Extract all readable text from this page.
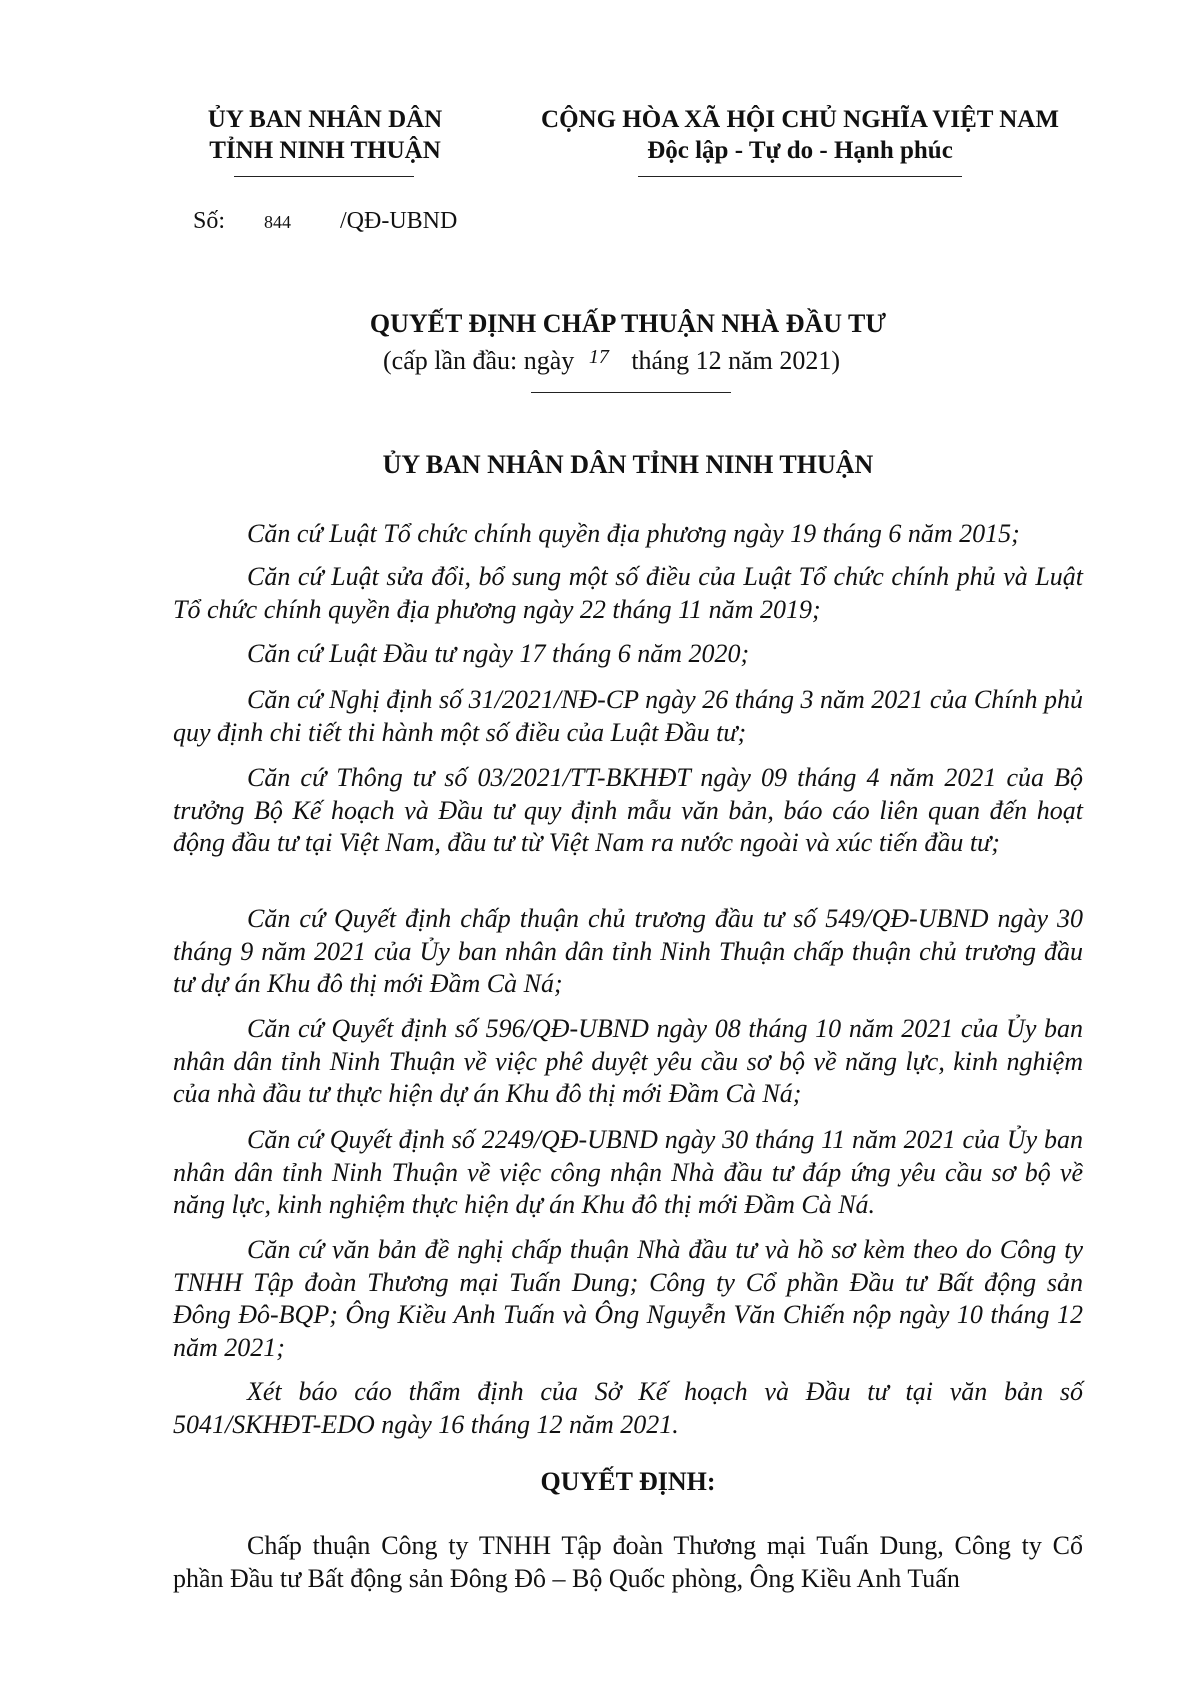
ỦY BAN NHÂN DÂN
TỈNH NINH THUẬN
CỘNG HÒA XÃ HỘI CHỦ NGHĨA VIỆT NAM
Độc lập - Tự do - Hạnh phúc
Số: 844 /QĐ-UBND
QUYẾT ĐỊNH CHẤP THUẬN NHÀ ĐẦU TƯ
(cấp lần đầu: ngày 17 tháng 12 năm 2021)
ỦY BAN NHÂN DÂN TỈNH NINH THUẬN
Căn cứ Luật Tổ chức chính quyền địa phương ngày 19 tháng 6 năm 2015;
Căn cứ Luật sửa đổi, bổ sung một số điều của Luật Tổ chức chính phủ và Luật Tổ chức chính quyền địa phương ngày 22 tháng 11 năm 2019;
Căn cứ Luật Đầu tư ngày 17 tháng 6 năm 2020;
Căn cứ Nghị định số 31/2021/NĐ-CP ngày 26 tháng 3 năm 2021 của Chính phủ quy định chi tiết thi hành một số điều của Luật Đầu tư;
Căn cứ Thông tư số 03/2021/TT-BKHĐT ngày 09 tháng 4 năm 2021 của Bộ trưởng Bộ Kế hoạch và Đầu tư quy định mẫu văn bản, báo cáo liên quan đến hoạt động đầu tư tại Việt Nam, đầu tư từ Việt Nam ra nước ngoài và xúc tiến đầu tư;
Căn cứ Quyết định chấp thuận chủ trương đầu tư số 549/QĐ-UBND ngày 30 tháng 9 năm 2021 của Ủy ban nhân dân tỉnh Ninh Thuận chấp thuận chủ trương đầu tư dự án Khu đô thị mới Đầm Cà Ná;
Căn cứ Quyết định số 596/QĐ-UBND ngày 08 tháng 10 năm 2021 của Ủy ban nhân dân tỉnh Ninh Thuận về việc phê duyệt yêu cầu sơ bộ về năng lực, kinh nghiệm của nhà đầu tư thực hiện dự án Khu đô thị mới Đầm Cà Ná;
Căn cứ Quyết định số 2249/QĐ-UBND ngày 30 tháng 11 năm 2021 của Ủy ban nhân dân tỉnh Ninh Thuận về việc công nhận Nhà đầu tư đáp ứng yêu cầu sơ bộ về năng lực, kinh nghiệm thực hiện dự án Khu đô thị mới Đầm Cà Ná.
Căn cứ văn bản đề nghị chấp thuận Nhà đầu tư và hồ sơ kèm theo do Công ty TNHH Tập đoàn Thương mại Tuấn Dung; Công ty Cổ phần Đầu tư Bất động sản Đông Đô-BQP; Ông Kiều Anh Tuấn và Ông Nguyễn Văn Chiến nộp ngày 10 tháng 12 năm 2021;
Xét báo cáo thẩm định của Sở Kế hoạch và Đầu tư tại văn bản số 5041/SKHĐT-EDO ngày 16 tháng 12 năm 2021.
QUYẾT ĐỊNH:
Chấp thuận Công ty TNHH Tập đoàn Thương mại Tuấn Dung, Công ty Cổ phần Đầu tư Bất động sản Đông Đô – Bộ Quốc phòng, Ông Kiều Anh Tuấn
